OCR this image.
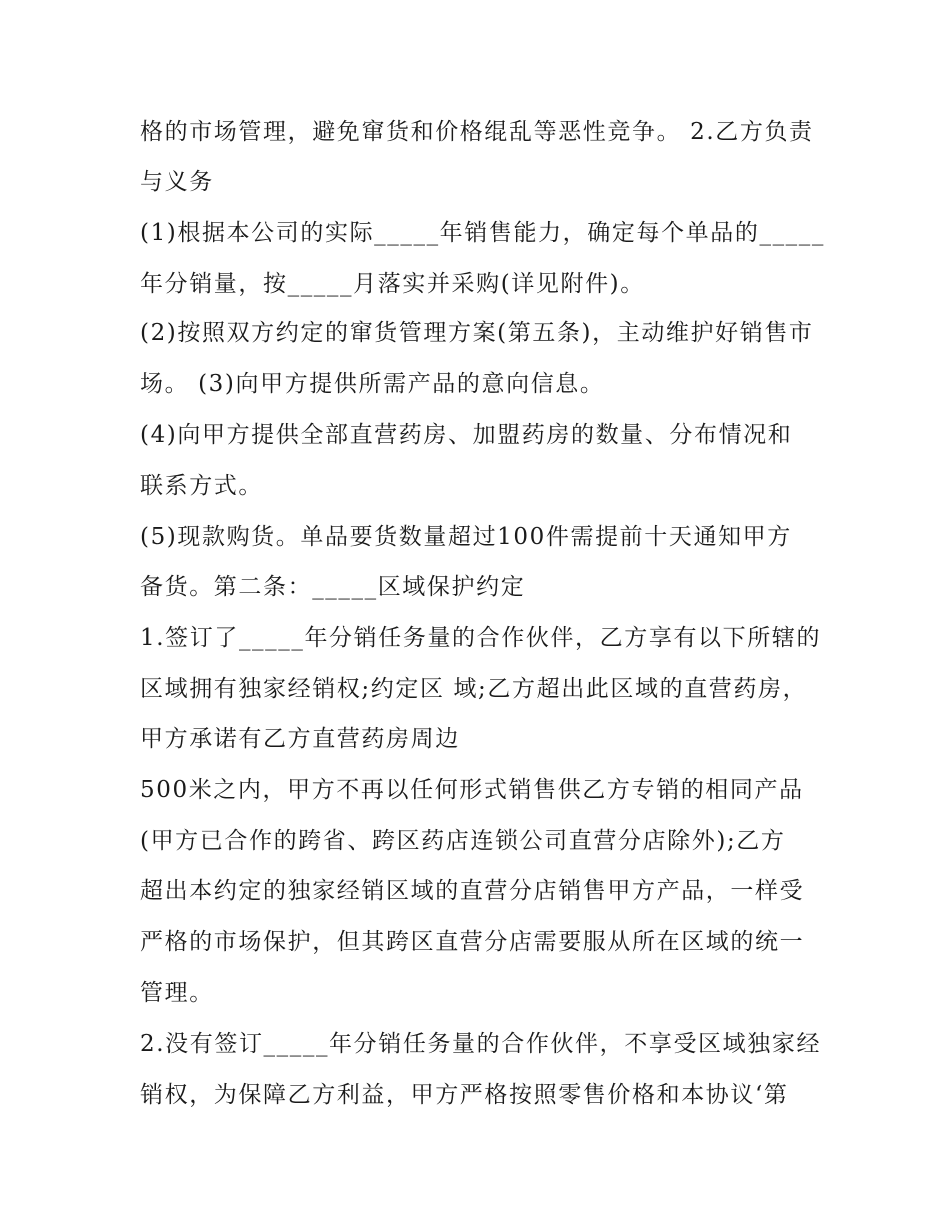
格的市场管理，避免窜货和价格绲乱等恶性竞争。 2.乙方负责
与义务
(1)根据本公司的实际_____年销售能力，确定每个单品的_____
年分销量，按_____月落实并采购(详见附件)。
(2)按照双方约定的窜货管理方案(第五条)，主动维护好销售市
场。 (3)向甲方提供所需产品的意向信息。
(4)向甲方提供全部直营药房、加盟药房的数量、分布情况和
联系方式。
(5)现款购货。单品要货数量超过100件需提前十天通知甲方
备货。第二条：_____区域保护约定
1.签订了_____年分销任务量的合作伙伴，乙方享有以下所辖的
区域拥有独家经销权;约定区 域;乙方超出此区域的直营药房，
甲方承诺有乙方直营药房周边
500米之内，甲方不再以任何形式销售供乙方专销的相同产品
(甲方已合作的跨省、跨区药店连锁公司直营分店除外);乙方
超出本约定的独家经销区域的直营分店销售甲方产品，一样受
严格的市场保护，但其跨区直营分店需要服从所在区域的统一
管理。
2.没有签订_____年分销任务量的合作伙伴，不享受区域独家经
销权，为保障乙方利益，甲方严格按照零售价格和本协议‘第
